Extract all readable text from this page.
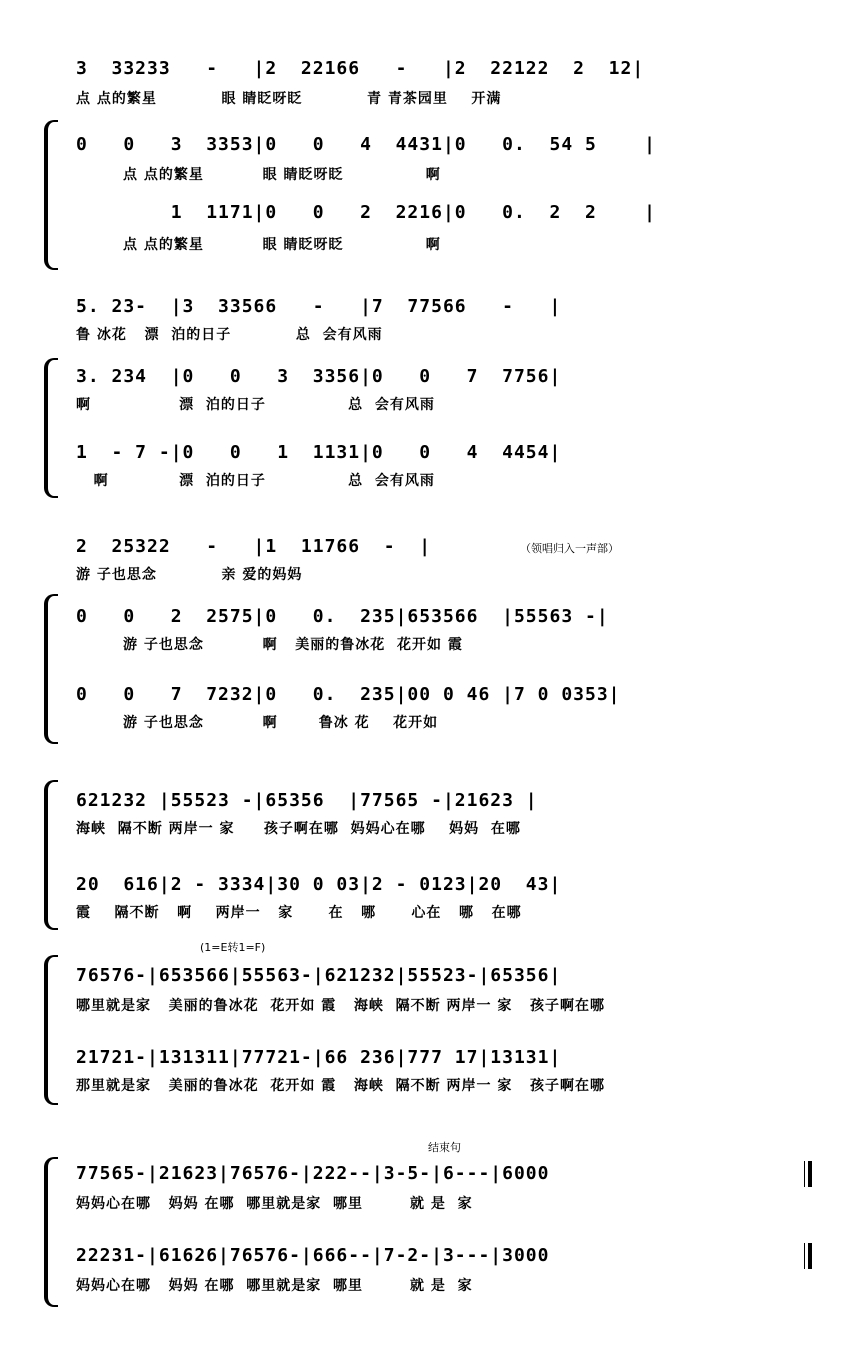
3  33233   -   |2  22166   -   |2  22122  2  12|
点 点的繁星           眼 睛眨呀眨           青 青茶园里    开满
0   0   3  3353|0   0   4  4431|0   0.  54 5    |
点 点的繁星          眼 睛眨呀眨              啊
1  1171|0   0   2  2216|0   0.  2  2    |
点 点的繁星          眼 睛眨呀眨              啊
5. 23-  |3  33566   -   |7  77566   -   |
鲁 冰花   漂  泊的日子           总  会有风雨
3. 234  |0   0   3  3356|0   0   7  7756|
啊               漂  泊的日子              总  会有风雨
1  - 7 -|0   0   1  1131|0   0   4  4454|
啊            漂  泊的日子              总  会有风雨
（领唱归入一声部）
2  25322   -   |1  11766  -  |
游 子也思念           亲 爱的妈妈
0   0   2  2575|0   0.  235|653566  |55563 -|
游 子也思念          啊   美丽的鲁冰花  花开如 霞
0   0   7  7232|0   0.  235|00 0 46 |7 0 0353|
游 子也思念          啊       鲁冰 花    花开如
621232 |55523 -|65356  |77565 -|21623 |
海峡  隔不断 两岸一 家     孩子啊在哪  妈妈心在哪    妈妈  在哪
20  616|2 - 3334|30 0 03|2 - 0123|20  43|
霞    隔不断   啊    两岸一   家      在   哪      心在   哪   在哪
(1=E转1=F)
76576-|653566|55563-|621232|55523-|65356|
哪里就是家   美丽的鲁冰花  花开如 霞   海峡  隔不断 两岸一 家   孩子啊在哪
21721-|131311|77721-|66 236|777 17|13131|
那里就是家   美丽的鲁冰花  花开如 霞   海峡  隔不断 两岸一 家   孩子啊在哪
结束句
77565-|21623|76576-|222--|3-5-|6---|6000
妈妈心在哪   妈妈 在哪  哪里就是家  哪里        就 是  家
22231-|61626|76576-|666--|7-2-|3---|3000
妈妈心在哪   妈妈 在哪  哪里就是家  哪里        就 是  家
